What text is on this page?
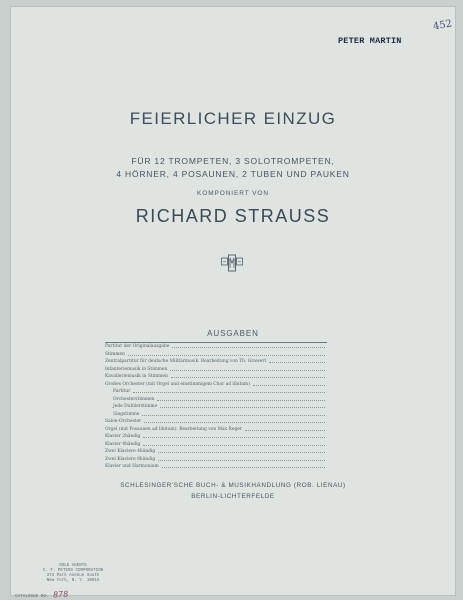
452
PETER MARTIN
FEIERLICHER EINZUG
FÜR 12 TROMPETEN, 3 SOLOTROMPETEN,
4 HÖRNER, 4 POSAUNEN, 2 TUBEN UND PAUKEN
KOMPONIERT VON
RICHARD STRAUSS
AUSGABEN
Partitur der Originalausgabe
Stimmen
Zentralpartitur für deutsche Militärmusik. Bearbeitung von Th. Grawert
Infanteriemusik in Stimmen
Kavalleriemusik in Stimmen
Großes Orchester (mit Orgel und einstimmigem Chor ad libitum)
Partitur
Orchesterstimmen
Jede Dublierstimme
Singstimme
Salon-Orchester
Orgel (mit Posaunen ad libitum). Bearbeitung von Max Reger
Klavier 2händig
Klavier 4händig
Zwei Klaviere 4händig
Zwei Klaviere 8händig
Klavier und Harmonium
SCHLESINGER'SCHE BUCH- & MUSIKHANDLUNG (ROB. LIENAU)
BERLIN-LICHTERFELDE
SOLE AGENTS
C. F. PETERS CORPORATION
373 Park Avenue South
New York, N. Y. 10016
CATALOGUE NO. 878
